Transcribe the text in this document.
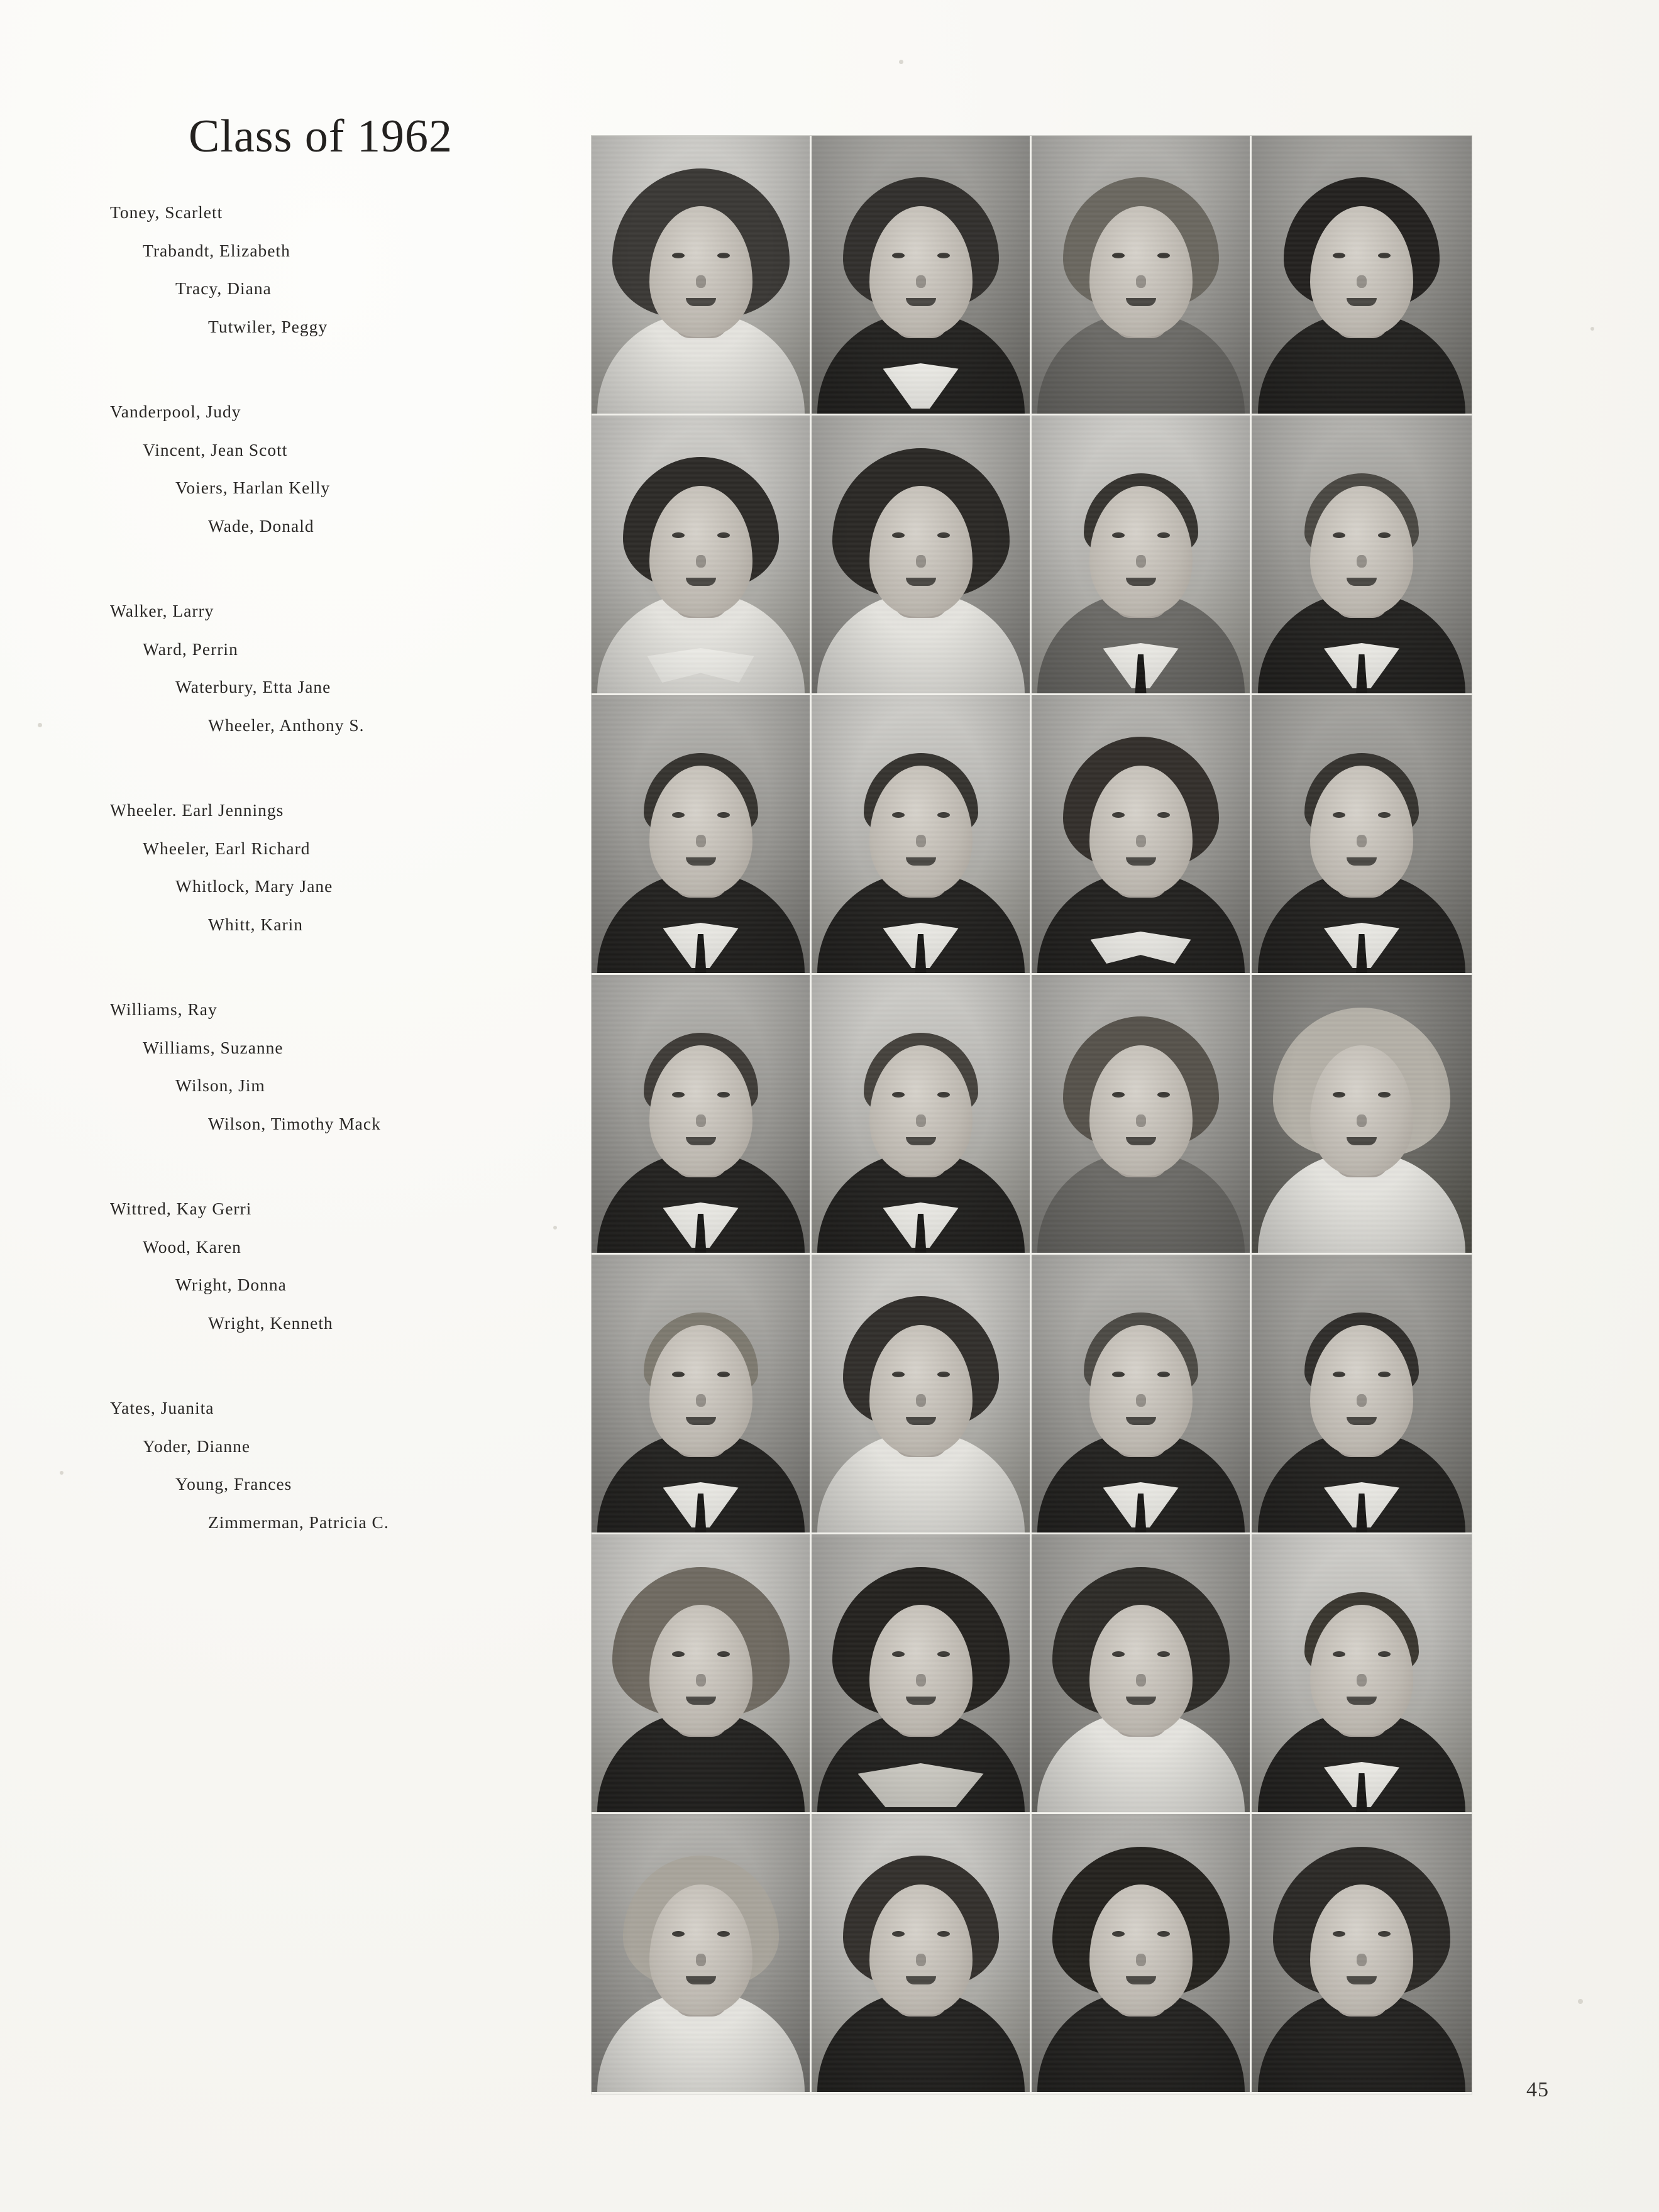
Class of 1962
Toney, Scarlett
Trabandt, Elizabeth
Tracy, Diana
Tutwiler, Peggy
Vanderpool, Judy
Vincent, Jean Scott
Voiers, Harlan Kelly
Wade, Donald
Walker, Larry
Ward, Perrin
Waterbury, Etta Jane
Wheeler, Anthony S.
Wheeler. Earl Jennings
Wheeler, Earl Richard
Whitlock, Mary Jane
Whitt, Karin
Williams, Ray
Williams, Suzanne
Wilson, Jim
Wilson, Timothy Mack
Wittred, Kay Gerri
Wood, Karen
Wright, Donna
Wright, Kenneth
Yates, Juanita
Yoder, Dianne
Young, Frances
Zimmerman, Patricia C.
45
